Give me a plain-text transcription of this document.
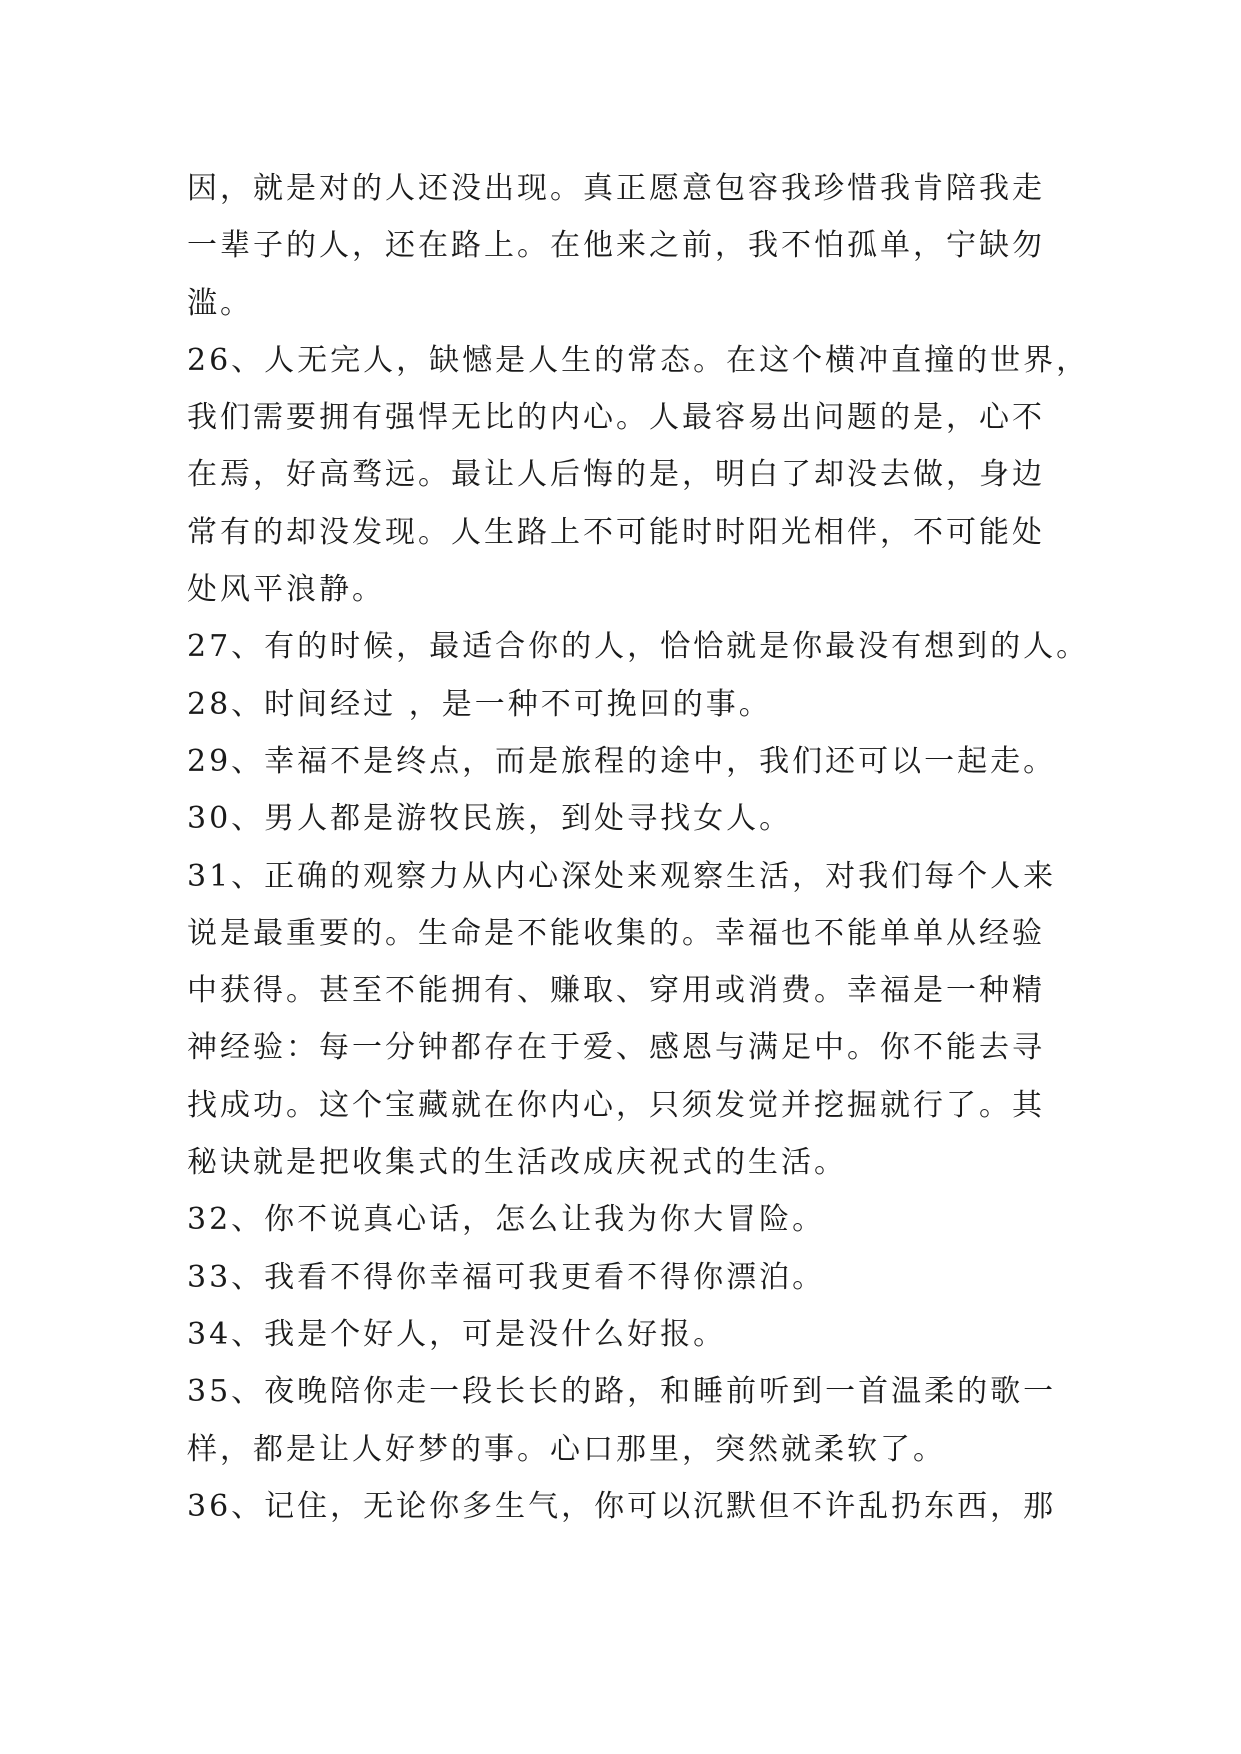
因，就是对的人还没出现。真正愿意包容我珍惜我肯陪我走
一辈子的人，还在路上。在他来之前，我不怕孤单，宁缺勿
滥。
26、人无完人，缺憾是人生的常态。在这个横冲直撞的世界，
我们需要拥有强悍无比的内心。人最容易出问题的是，心不
在焉，好高骛远。最让人后悔的是，明白了却没去做，身边
常有的却没发现。人生路上不可能时时阳光相伴，不可能处
处风平浪静。
27、有的时候，最适合你的人，恰恰就是你最没有想到的人。
28、时间经过 ，是一种不可挽回的事。
29、幸福不是终点，而是旅程的途中，我们还可以一起走。
30、男人都是游牧民族，到处寻找女人。
31、正确的观察力从内心深处来观察生活，对我们每个人来
说是最重要的。生命是不能收集的。幸福也不能单单从经验
中获得。甚至不能拥有、赚取、穿用或消费。幸福是一种精
神经验：每一分钟都存在于爱、感恩与满足中。你不能去寻
找成功。这个宝藏就在你内心，只须发觉并挖掘就行了。其
秘诀就是把收集式的生活改成庆祝式的生活。
32、你不说真心话，怎么让我为你大冒险。
33、我看不得你幸福可我更看不得你漂泊。
34、我是个好人，可是没什么好报。
35、夜晚陪你走一段长长的路，和睡前听到一首温柔的歌一
样，都是让人好梦的事。心口那里，突然就柔软了。
36、记住，无论你多生气，你可以沉默但不许乱扔东西，那
